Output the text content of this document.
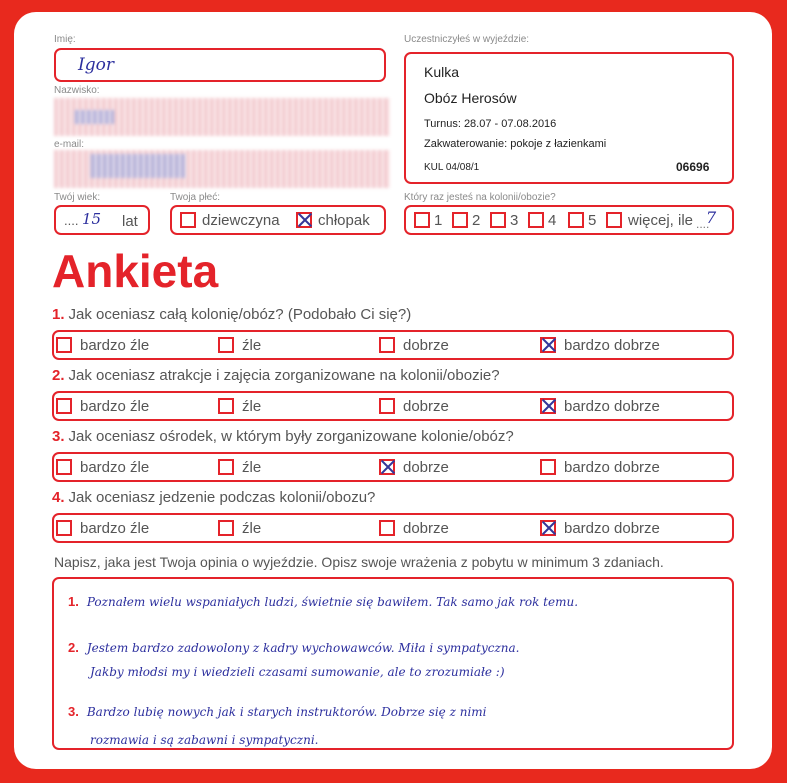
Imię:
Igor
Nazwisko:
e-mail:
Twój wiek:
.... 15 lat
Twoja płeć:
dziewczyna	chłopak
Uczestniczyłeś w wyjeździe:
Kulka
Obóz Herosów
Turnus: 28.07 - 07.08.2016
Zakwaterowanie: pokoje z łazienkami
KUL 04/08/1	06696
Który raz jesteś na kolonii/obozie?
1 2 3 4 5 więcej, ile ....
7
Ankieta
1. Jak oceniasz całą kolonię/obóz? (Podobało Ci się?)
bardzo źle	źle	dobrze	bardzo dobrze
2. Jak oceniasz atrakcje i zajęcia zorganizowane na kolonii/obozie?
bardzo źle	źle	dobrze	bardzo dobrze
3. Jak oceniasz ośrodek, w którym były zorganizowane kolonie/obóz?
bardzo źle	źle	dobrze	bardzo dobrze
4. Jak oceniasz jedzenie podczas kolonii/obozu?
bardzo źle	źle	dobrze	bardzo dobrze
Napisz, jaka jest Twoja opinia o wyjeździe. Opisz swoje wrażenia z pobytu w minimum 3 zdaniach.
1. Poznałem wielu wspaniałych ludzi, świetnie się bawiłem. Tak samo jak rok temu.
2. Jestem bardzo zadowolony z kadry wychowawców. Miła i sympatyczna.
Jakby młodsi my i wiedzieli czasami sumowanie, ale to zrozumiałe :)
3. Bardzo lubię nowych jak i starych instruktorów. Dobrze się z nimi
rozmawia i są zabawni i sympatyczni.
